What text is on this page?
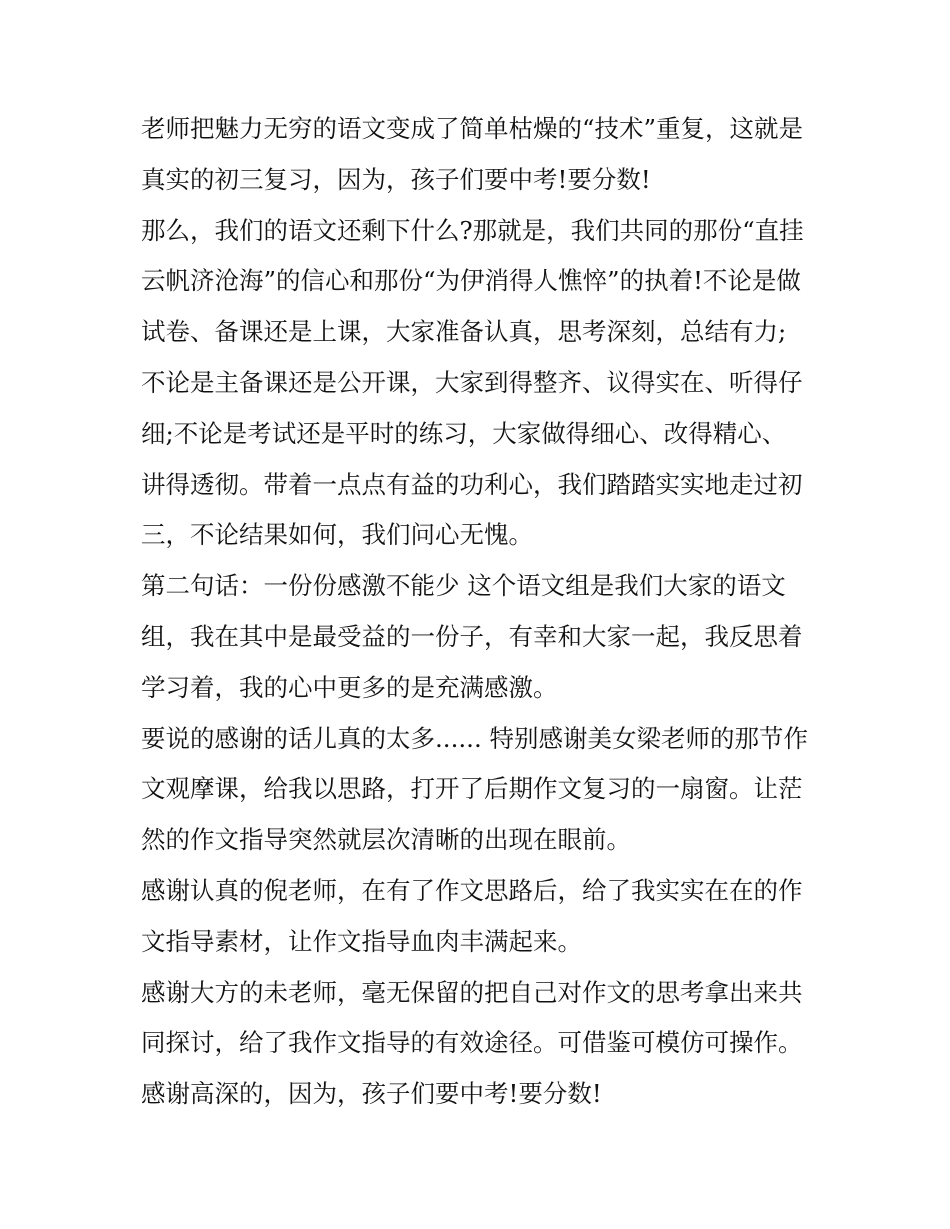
老师把魅力无穷的语文变成了简单枯燥的“技术”重复，这就是
真实的初三复习，因为，孩子们要中考!要分数!
那么，我们的语文还剩下什么?那就是，我们共同的那份“直挂
云帆济沧海”的信心和那份“为伊消得人憔悴”的执着!不论是做
试卷、备课还是上课，大家准备认真，思考深刻，总结有力;
不论是主备课还是公开课，大家到得整齐、议得实在、听得仔
细;不论是考试还是平时的练习，大家做得细心、改得精心、
讲得透彻。带着一点点有益的功利心，我们踏踏实实地走过初
三，不论结果如何，我们问心无愧。
第二句话：一份份感激不能少 这个语文组是我们大家的语文
组，我在其中是最受益的一份子，有幸和大家一起，我反思着
学习着，我的心中更多的是充满感激。
要说的感谢的话儿真的太多...... 特别感谢美女梁老师的那节作
文观摩课，给我以思路，打开了后期作文复习的一扇窗。让茫
然的作文指导突然就层次清晰的出现在眼前。
感谢认真的倪老师，在有了作文思路后，给了我实实在在的作
文指导素材，让作文指导血肉丰满起来。
感谢大方的未老师，毫无保留的把自己对作文的思考拿出来共
同探讨，给了我作文指导的有效途径。可借鉴可模仿可操作。
感谢高深的，因为，孩子们要中考!要分数!
